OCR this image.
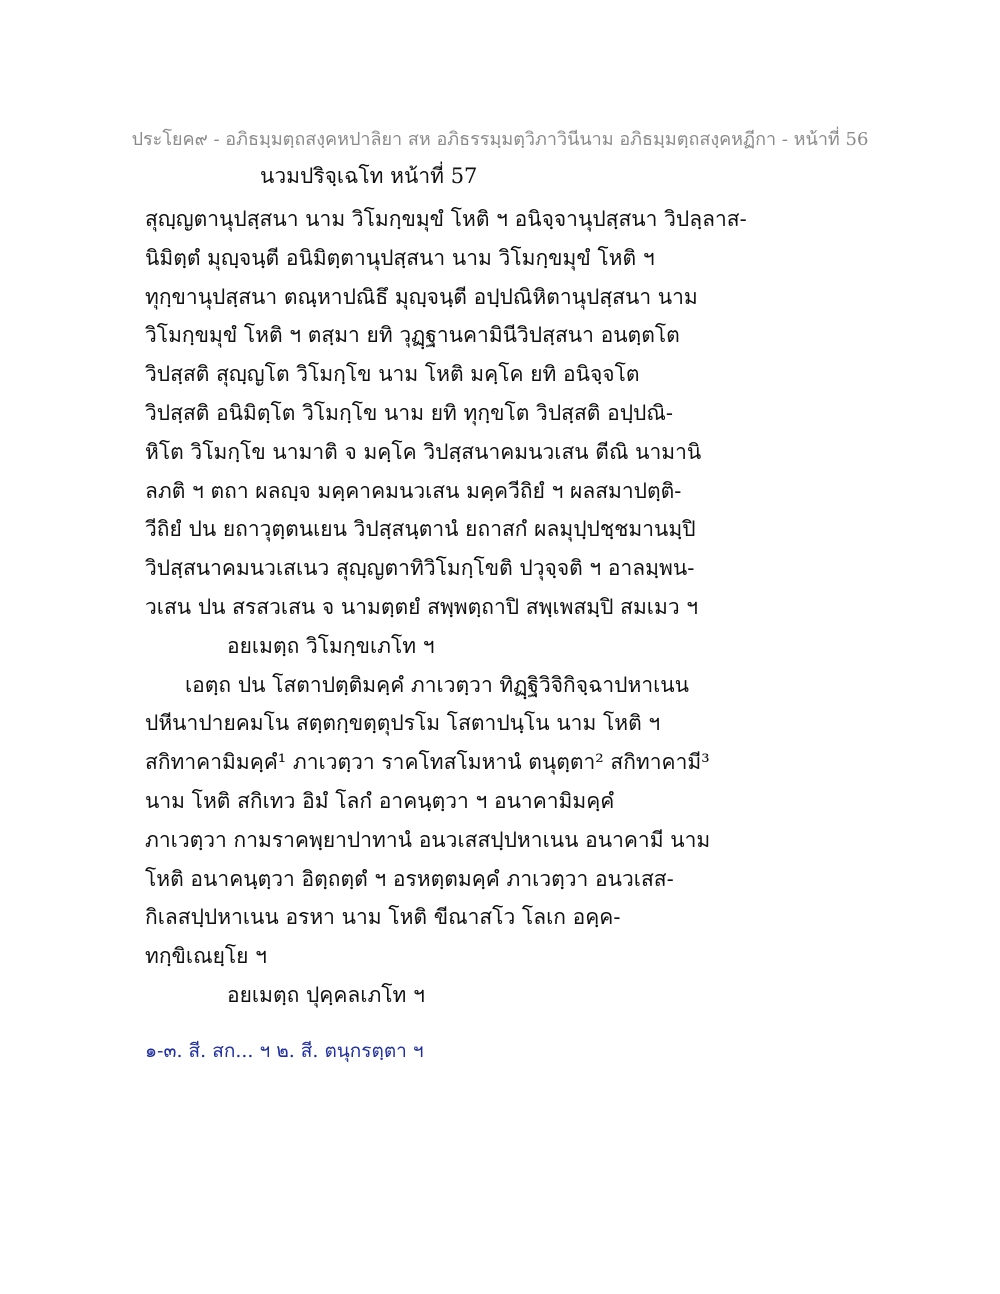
ประโยค๙ - อภิธมฺมตฺถสงฺคหปาลิยา สห อภิธรรมฺมตฺวิภาวินีนาม อภิธมฺมตฺถสงฺคหฏีกา - หน้าที่ 56
นวมปริจฺเฉโท หน้าที่ 57
สุญฺญตานุปสฺสนา นาม วิโมกฺขมุขํ โหติ ฯ อนิจฺจานุปสฺสนา วิปลฺลาส-
นิมิตฺตํ มุญฺจนฺตี อนิมิตฺตานุปสฺสนา นาม วิโมกฺขมุขํ โหติ ฯ
ทุกฺขานุปสฺสนา ตณฺหาปณิธึ มุญฺจนฺตี อปฺปณิหิตานุปสฺสนา นาม
วิโมกฺขมุขํ โหติ ฯ ตสฺมา ยทิ วุฏฺฐานคามินีวิปสฺสนา อนตฺตโต
วิปสฺสติ สุญฺญโต วิโมกฺโข นาม โหติ มคฺโค ยทิ อนิจฺจโต
วิปสฺสติ อนิมิตฺโต วิโมกฺโข นาม ยทิ ทุกฺขโต วิปสฺสติ อปฺปณิ-
หิโต วิโมกฺโข นามาติ จ มคฺโค วิปสฺสนาคมนวเสน ตีณิ นามานิ
ลภติ ฯ ตถา ผลญฺจ มคฺคาคมนวเสน มคฺควีถิยํ ฯ ผลสมาปตฺติ-
วีถิยํ ปน ยถาวุตฺตนเยน วิปสฺสนฺตานํ ยถาสกํ ผลมุปฺปชฺชมานมฺปิ
วิปสฺสนาคมนวเสเนว สุญฺญตาทิวิโมกฺโขติ ปวุจฺจติ ฯ อาลมฺพน-
วเสน ปน สรสวเสน จ นามตฺตยํ สพฺพตฺถาปิ สพฺเพสมฺปิ สมเมว ฯ
อยเมตฺถ วิโมกฺขเภโท ฯ
เอตฺถ ปน โสตาปตฺติมคฺคํ ภาเวตฺวา ทิฏฺฐิวิจิกิจฺฉาปหาเนน
ปหีนาปายคมโน สตฺตกฺขตฺตุปรโม โสตาปนฺโน นาม โหติ ฯ
สกิทาคามิมคฺคํ¹ ภาเวตฺวา ราคโทสโมหานํ ตนุตฺตา² สกิทาคามี³
นาม โหติ สกิเทว อิมํ โลกํ อาคนฺตฺวา ฯ อนาคามิมคฺคํ
ภาเวตฺวา กามราคพฺยาปาทานํ อนวเสสปฺปหาเนน อนาคามี นาม
โหติ อนาคนฺตฺวา อิตฺถตฺตํ ฯ อรหตฺตมคฺคํ ภาเวตฺวา อนวเสส-
กิเลสปฺปหาเนน อรหา นาม โหติ ขีณาสโว โลเก อคฺค-
ทกฺขิเณยฺโย ฯ
อยเมตฺถ ปุคฺคลเภโท ฯ
๑-๓. สี. สก... ฯ ๒. สี. ตนุกรตฺตา ฯ
